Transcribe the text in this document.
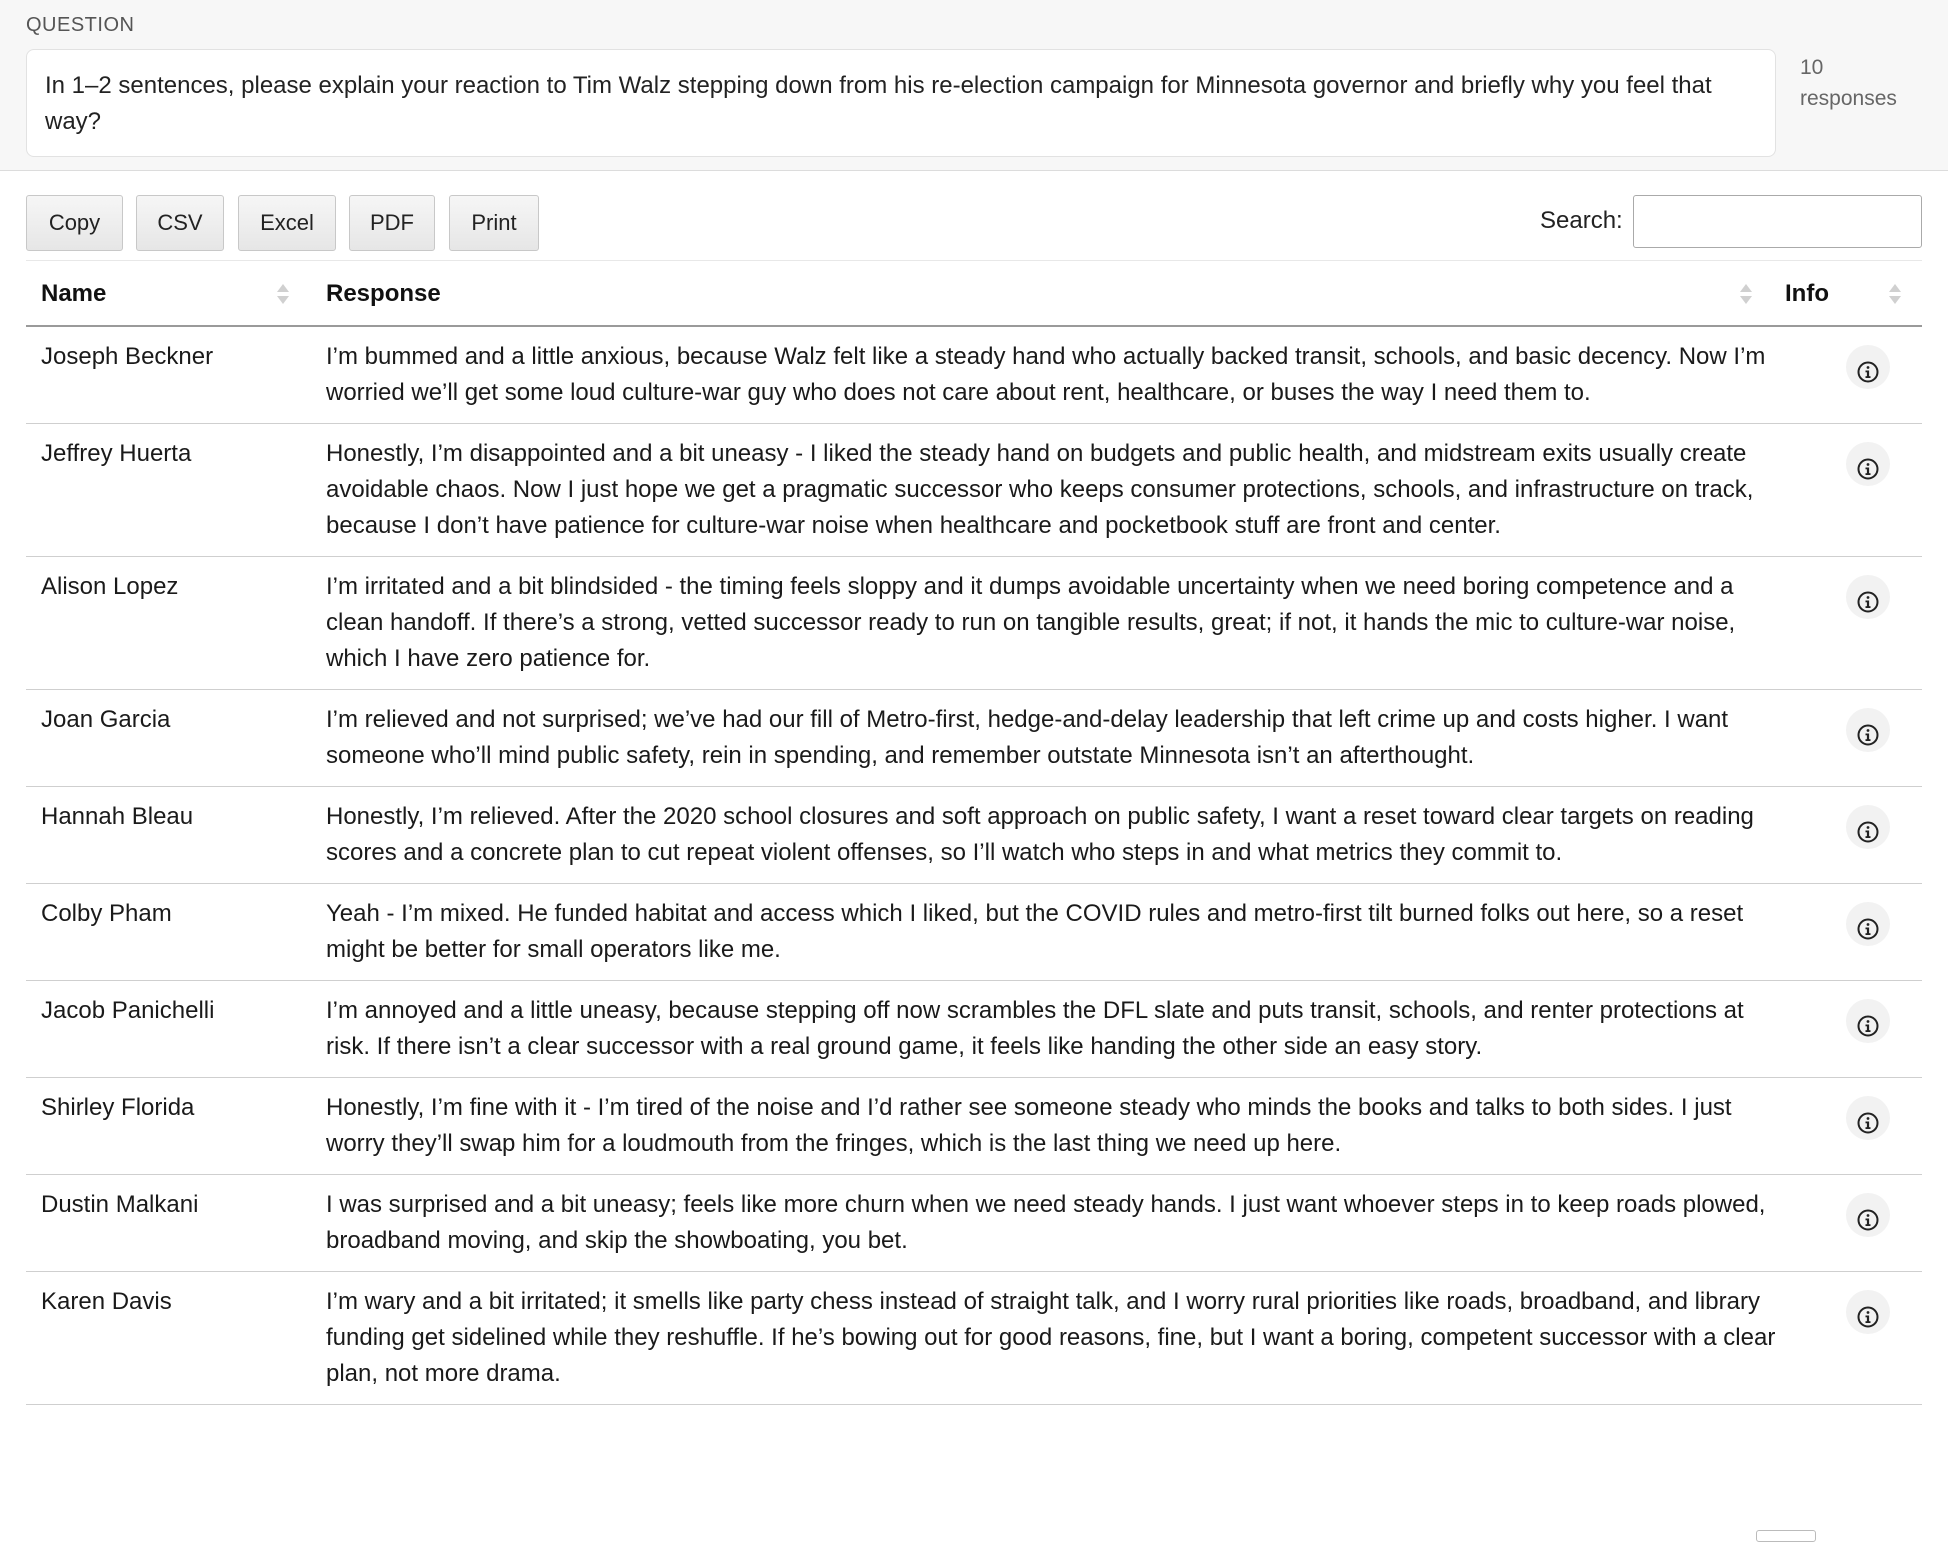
QUESTION
In 1–2 sentences, please explain your reaction to Tim Walz stepping down from his re-election campaign for Minnesota governor and briefly why you feel that way?
10
responses
Copy	CSV	Excel	PDF	Print	Search:
Name	Response	Info
Joseph Beckner	I’m bummed and a little anxious, because Walz felt like a steady hand who actually backed transit, schools, and basic decency. Now I’m worried we’ll get some loud culture-war guy who does not care about rent, healthcare, or buses the way I need them to.
Jeffrey Huerta	Honestly, I’m disappointed and a bit uneasy - I liked the steady hand on budgets and public health, and midstream exits usually create avoidable chaos. Now I just hope we get a pragmatic successor who keeps consumer protections, schools, and infrastructure on track, because I don’t have patience for culture-war noise when healthcare and pocketbook stuff are front and center.
Alison Lopez	I’m irritated and a bit blindsided - the timing feels sloppy and it dumps avoidable uncertainty when we need boring competence and a clean handoff. If there’s a strong, vetted successor ready to run on tangible results, great; if not, it hands the mic to culture-war noise, which I have zero patience for.
Joan Garcia	I’m relieved and not surprised; we’ve had our fill of Metro-first, hedge-and-delay leadership that left crime up and costs higher. I want someone who’ll mind public safety, rein in spending, and remember outstate Minnesota isn’t an afterthought.
Hannah Bleau	Honestly, I’m relieved. After the 2020 school closures and soft approach on public safety, I want a reset toward clear targets on reading scores and a concrete plan to cut repeat violent offenses, so I’ll watch who steps in and what metrics they commit to.
Colby Pham	Yeah - I’m mixed. He funded habitat and access which I liked, but the COVID rules and metro-first tilt burned folks out here, so a reset might be better for small operators like me.
Jacob Panichelli	I’m annoyed and a little uneasy, because stepping off now scrambles the DFL slate and puts transit, schools, and renter protections at risk. If there isn’t a clear successor with a real ground game, it feels like handing the other side an easy story.
Shirley Florida	Honestly, I’m fine with it - I’m tired of the noise and I’d rather see someone steady who minds the books and talks to both sides. I just worry they’ll swap him for a loudmouth from the fringes, which is the last thing we need up here.
Dustin Malkani	I was surprised and a bit uneasy; feels like more churn when we need steady hands. I just want whoever steps in to keep roads plowed, broadband moving, and skip the showboating, you bet.
Karen Davis	I’m wary and a bit irritated; it smells like party chess instead of straight talk, and I worry rural priorities like roads, broadband, and library funding get sidelined while they reshuffle. If he’s bowing out for good reasons, fine, but I want a boring, competent successor with a clear plan, not more drama.
